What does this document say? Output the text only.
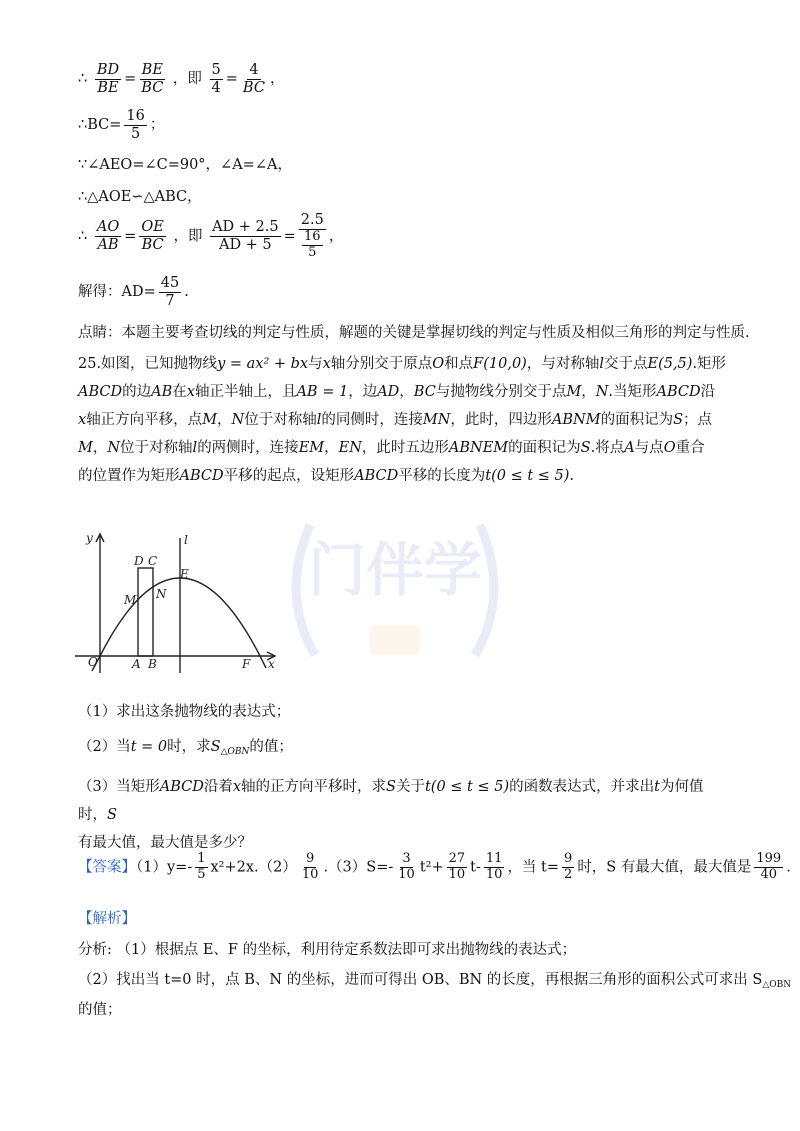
门伴学
∴ $\frac{BD}{BE} = \frac{BE}{BC}$ ，即 $\frac{5}{4} = \frac{4}{BC}$ ，
∴BC= $\frac{16}{5}$ ；
∵∠AEO=∠C=90°，∠A=∠A，
∴△AOE∽△ABC，
∴ $\frac{AO}{AB} = \frac{OE}{BC}$ ，即 $\frac{AD + 2.5}{AD + 5} = \frac{2.5}{\frac{16}{5}}$ ，
解得：$AD= \frac{45}{7}$ .
点睛：本题主要考查切线的判定与性质，解题的关键是掌握切线的判定与性质及相似三角形的判定与性质.
25.如图，已知抛物线y = ax² + bx与x轴分别交于原点O和点F(10,0)，与对称轴l交于点E(5,5).矩形
ABCD的边AB在x轴正半轴上，且AB = 1，边AD，BC与抛物线分别交于点M，N.当矩形ABCD沿
x轴正方向平移，点M，N位于对称轴l的同侧时，连接MN，此时，四边形ABNM的面积记为S；点
M，N位于对称轴l的两侧时，连接EM，EN，此时五边形ABNEM的面积记为S.将点A与点O重合
的位置作为矩形ABCD平移的起点，设矩形ABCD平移的长度为t(0 ≤ t ≤ 5).
y	l
D C
E
M N
O	A B	F x
（1）求出这条抛物线的表达式；
（2）当t = 0时，求$S_{\triangle OBN}$的值；
（3）当矩形ABCD沿着x轴的正方向平移时，求S关于t(0 ≤ t ≤ 5)的函数表达式，并求出t为何值时，S
有最大值，最大值是多少？
【答案】$(1)y=- \frac{1}{5} x^2+2x.(2) \frac{9}{10} .(3)S=- \frac{3}{10} t^2+ \frac{27}{10} t- \frac{11}{10}$ ，当 $t= \frac{9}{2}$ 时，S 有最大值，最大值是 $\frac{199}{40}$ .
【解析】
分析: （1）根据点 E、F 的坐标，利用待定系数法即可求出抛物线的表达式；
（2）找出当 t=0 时，点 B、N 的坐标，进而可得出 OB、BN 的长度，再根据三角形的面积公式可求出 $S_{\triangle OBN}$
的值；
